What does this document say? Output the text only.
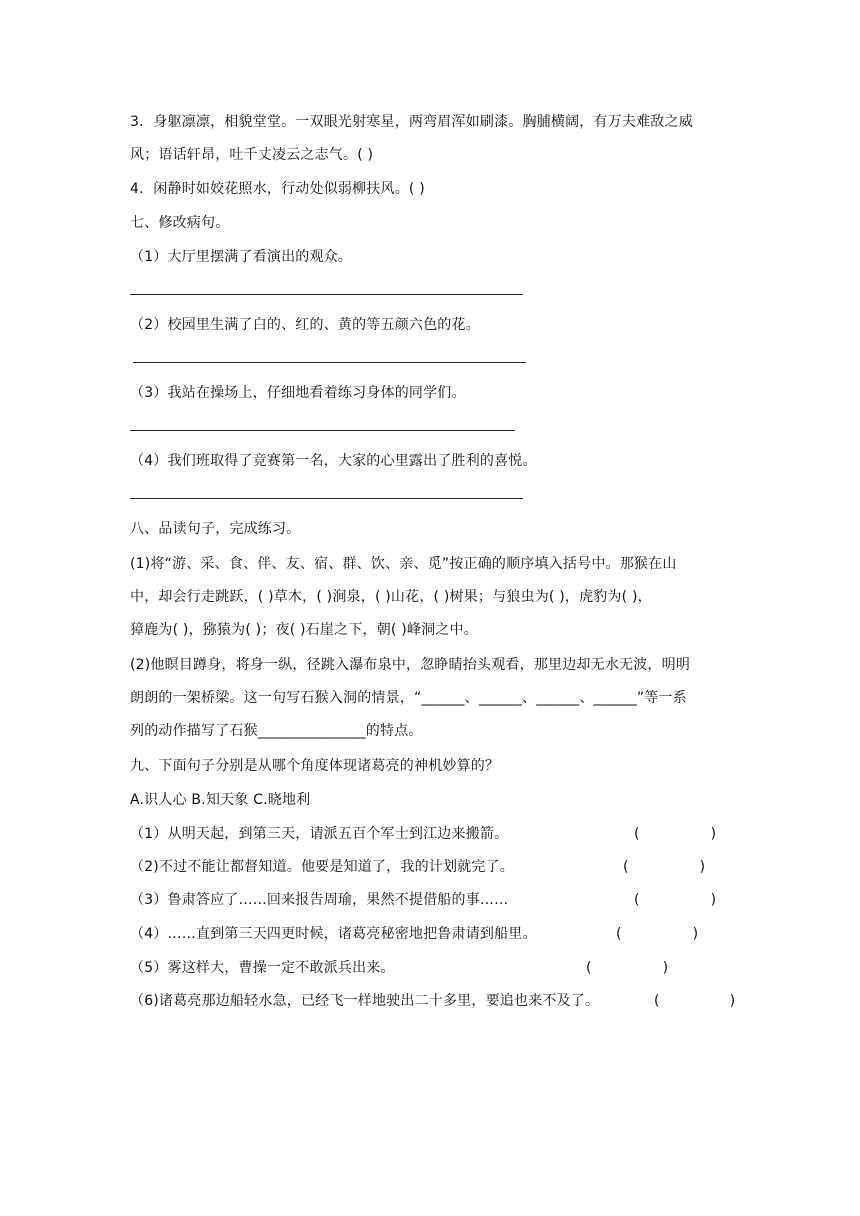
3．身躯凛凛，相貌堂堂。一双眼光射寒星，两弯眉浑如刷漆。胸脯横阔，有万夫难敌之威
风；语话轩昂，吐千丈凌云之志气。( )
4．闲静时如姣花照水，行动处似弱柳扶风。( )
七、修改病句。
（1）大厅里摆满了看演出的观众。
（2）校园里生满了白的、红的、黄的等五颜六色的花。
（3）我站在操场上，仔细地看着练习身体的同学们。
（4）我们班取得了竞赛第一名，大家的心里露出了胜利的喜悦。
八、品读句子，完成练习。
(1)将“游、采、食、伴、友、宿、群、饮、亲、觅”按正确的顺序填入括号中。那猴在山
中，却会行走跳跃，( )草木，( )涧泉，( )山花，( )树果；与狼虫为( )，虎豹为( )，
獐鹿为( )，猕猿为( )；夜( )石崖之下，朝( )峰洞之中。
(2)他瞑目蹲身，将身一纵，径跳入瀑布泉中，忽睁睛抬头观看，那里边却无水无波，明明
朗朗的一架桥梁。这一句写石猴入洞的情景，“______、______、______、______”等一系
列的动作描写了石猴_______________的特点。
九、下面句子分别是从哪个角度体现诸葛亮的神机妙算的？
A.识人心 B.知天象 C.晓地利
（1）从明天起，到第三天，请派五百个军士到江边来搬箭。	(                )
（2)不过不能让都督知道。他要是知道了，我的计划就完了。	(                )
（3）鲁肃答应了……回来报告周瑜，果然不提借船的事……	(                )
（4）……直到第三天四更时候，诸葛亮秘密地把鲁肃请到船里。	(                )
（5）雾这样大，曹操一定不敢派兵出来。	(                )
（6)诸葛亮那边船轻水急，已经飞一样地驶出二十多里，要追也来不及了。	(                )
